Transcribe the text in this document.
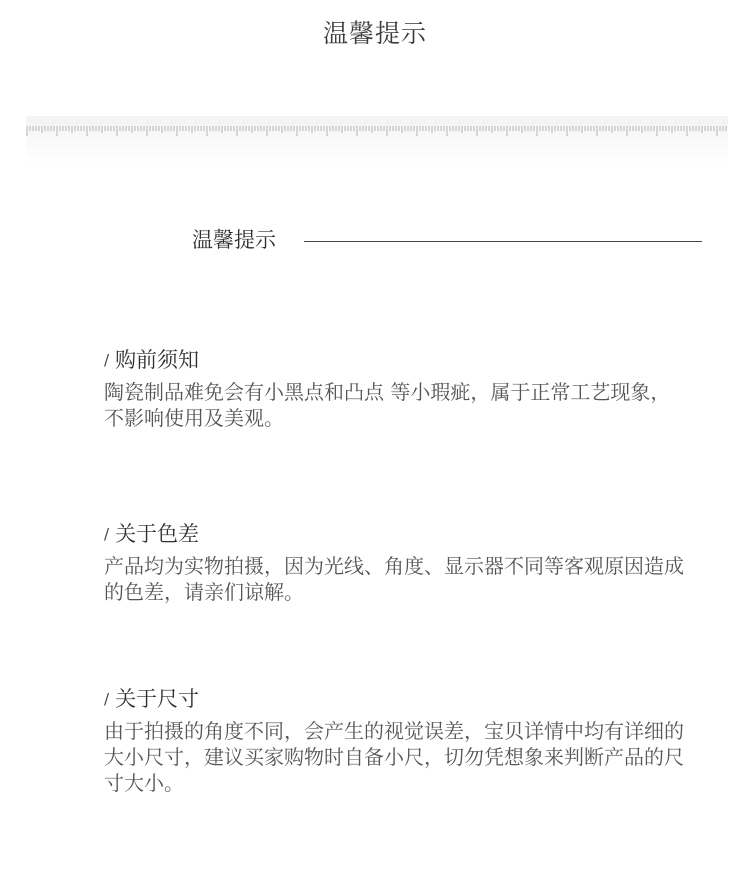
温馨提示
温馨提示
/ 购前须知
陶瓷制品难免会有小黑点和凸点 等小瑕疵，属于正常工艺现象，不影响使用及美观。
/ 关于色差
产品均为实物拍摄，因为光线、角度、显示器不同等客观原因造成的色差，请亲们谅解。
/ 关于尺寸
由于拍摄的角度不同，会产生的视觉误差，宝贝详情中均有详细的大小尺寸，建议买家购物时自备小尺，切勿凭想象来判断产品的尺寸大小。
